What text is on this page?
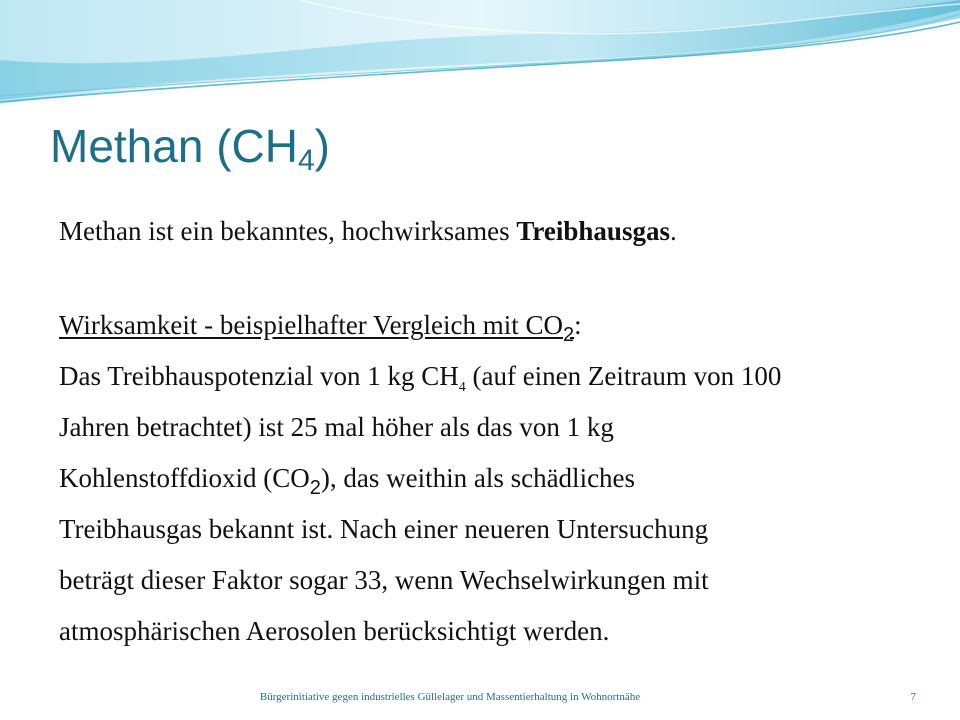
Methan $(CH_4)$
Methan ist ein bekanntes, hochwirksames Treibhausgas.
Wirksamkeit - beispielhafter Vergleich mit $CO_2$:
Das Treibhauspotenzial von 1 kg $CH_4$ (auf einen Zeitraum von 100
Jahren betrachtet) ist 25 mal höher als das von 1 kg
Kohlenstoffdioxid $(CO_2)$, das weithin als schädliches
Treibhausgas bekannt ist. Nach einer neueren Untersuchung
beträgt dieser Faktor sogar 33, wenn Wechselwirkungen mit
atmosphärischen Aerosolen berücksichtigt werden.
Bürgerinitiative gegen industrielles Güllelager und Massentierhaltung in Wohnortnähe	7
